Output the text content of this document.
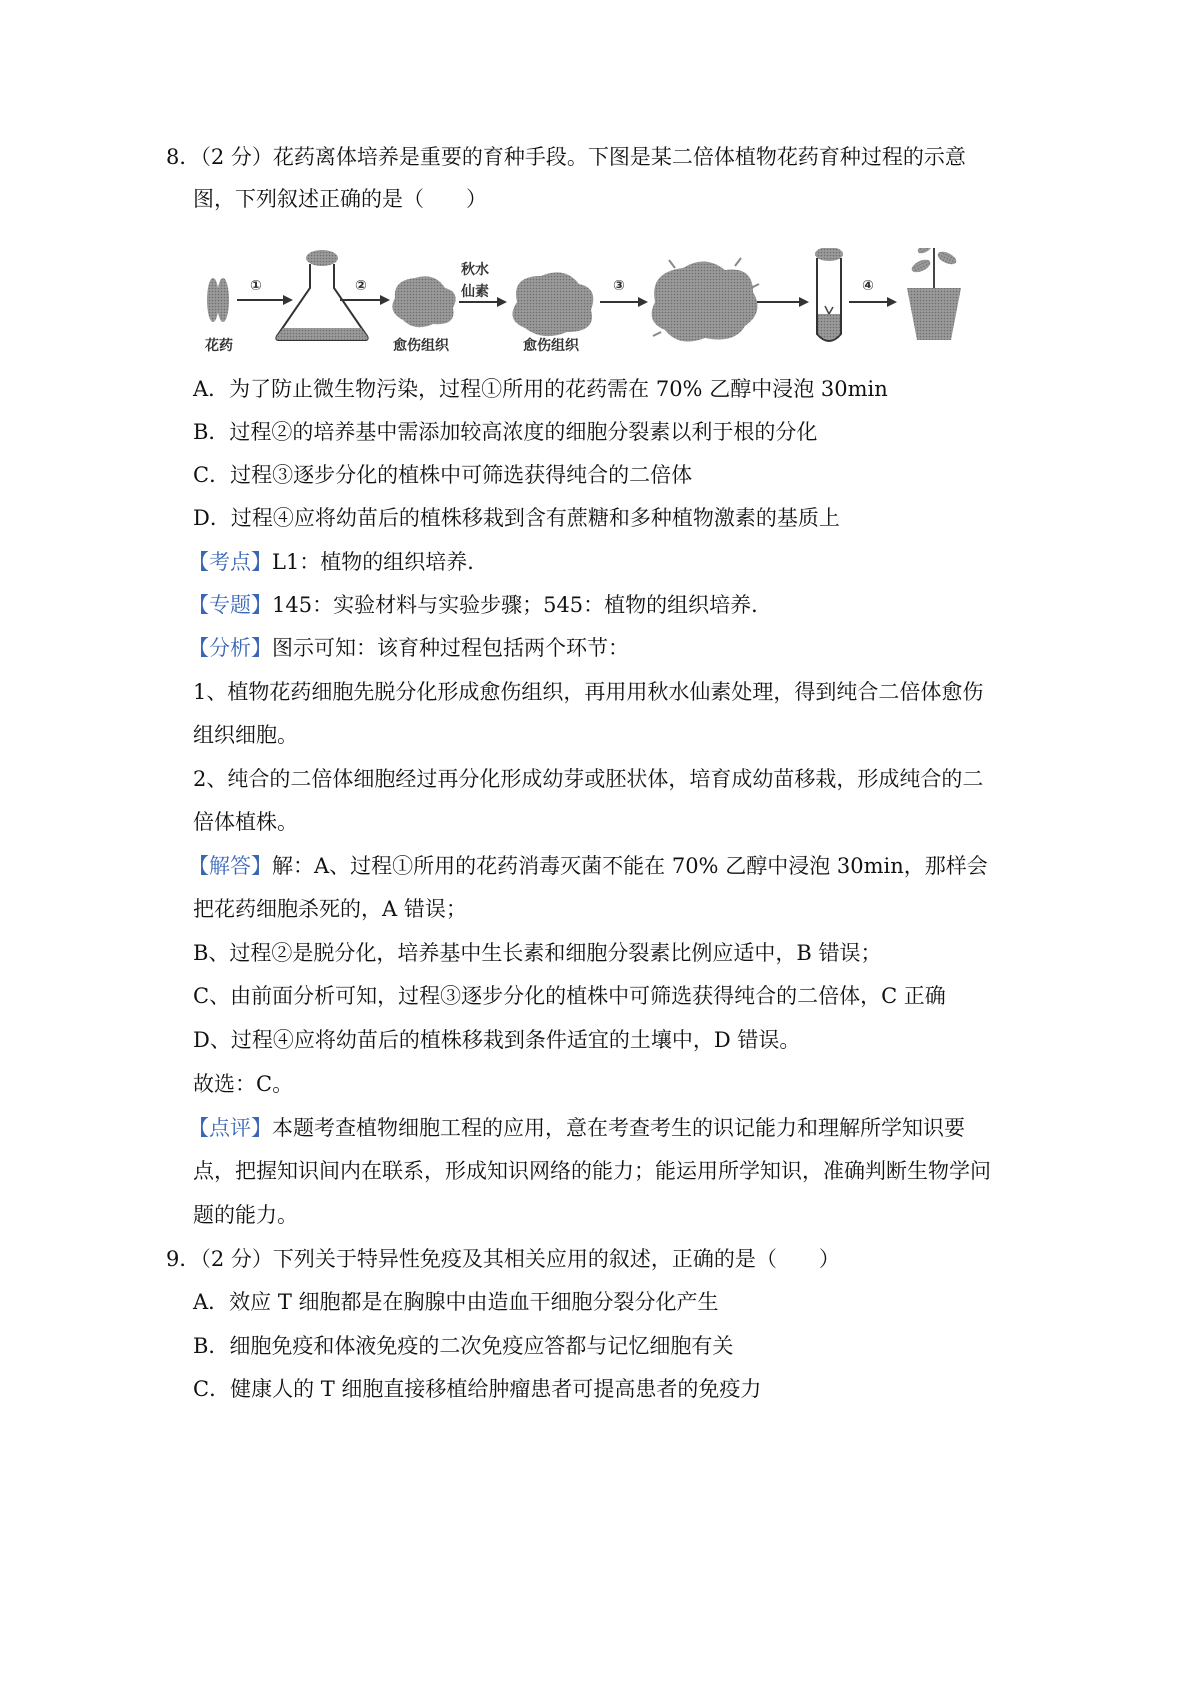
8．（2 分）花药离体培养是重要的育种手段。下图是某二倍体植物花药育种过程的示意
图，下列叙述正确的是（　　）
花药
①	②
愈伤组织
秋水
仙素
愈伤组织
③	④
A．为了防止微生物污染，过程①所用的花药需在 70% 乙醇中浸泡 30min
B．过程②的培养基中需添加较高浓度的细胞分裂素以利于根的分化
C．过程③逐步分化的植株中可筛选获得纯合的二倍体
D．过程④应将幼苗后的植株移栽到含有蔗糖和多种植物激素的基质上
【考点】L1：植物的组织培养．
【专题】145：实验材料与实验步骤；545：植物的组织培养．
【分析】图示可知：该育种过程包括两个环节：
1、植物花药细胞先脱分化形成愈伤组织，再用用秋水仙素处理，得到纯合二倍体愈伤
组织细胞。
2、纯合的二倍体细胞经过再分化形成幼芽或胚状体，培育成幼苗移栽，形成纯合的二
倍体植株。
【解答】解：A、过程①所用的花药消毒灭菌不能在 70% 乙醇中浸泡 30min，那样会
把花药细胞杀死的，A 错误；
B、过程②是脱分化，培养基中生长素和细胞分裂素比例应适中，B 错误；
C、由前面分析可知，过程③逐步分化的植株中可筛选获得纯合的二倍体，C 正确
D、过程④应将幼苗后的植株移栽到条件适宜的土壤中，D 错误。
故选：C。
【点评】本题考查植物细胞工程的应用，意在考查考生的识记能力和理解所学知识要
点，把握知识间内在联系，形成知识网络的能力；能运用所学知识，准确判断生物学问
题的能力。
9．（2 分）下列关于特异性免疫及其相关应用的叙述，正确的是（　　）
A．效应 T 细胞都是在胸腺中由造血干细胞分裂分化产生
B．细胞免疫和体液免疫的二次免疫应答都与记忆细胞有关
C．健康人的 T 细胞直接移植给肿瘤患者可提高患者的免疫力
